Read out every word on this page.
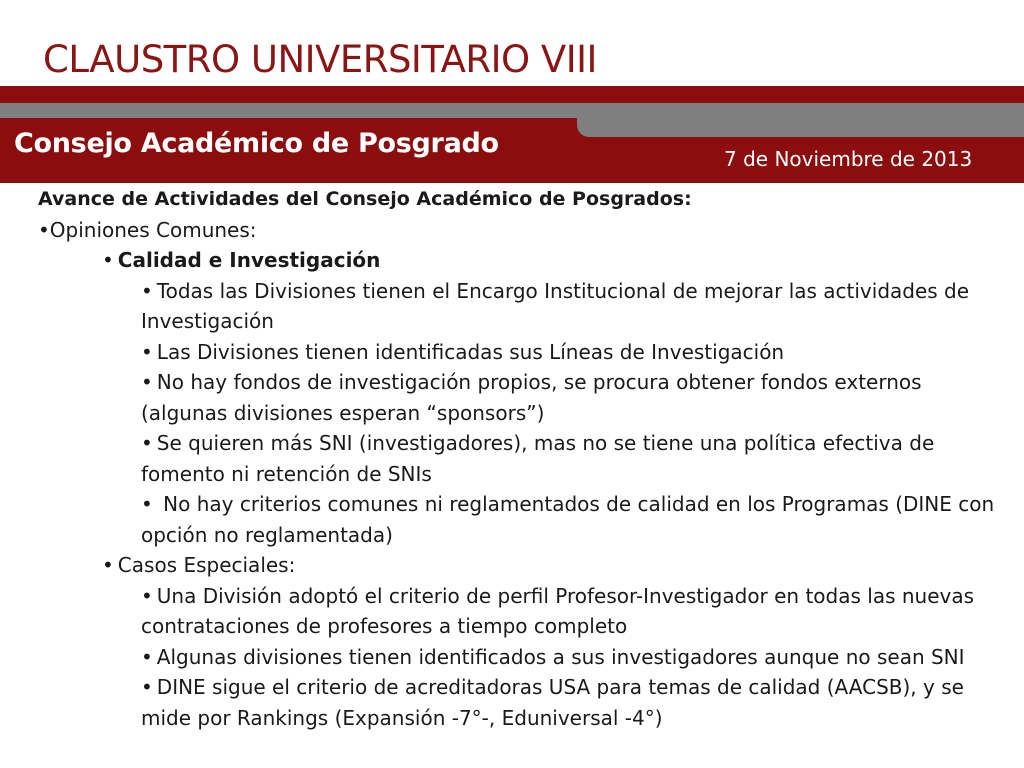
CLAUSTRO UNIVERSITARIO VIII
Consejo Académico de Posgrado	7 de Noviembre de 2013

Avance de Actividades del Consejo Académico de Posgrados:

•Opiniones Comunes:

• Calidad e Investigación

• Todas las Divisiones tienen el Encargo Institucional de mejorar las actividades de Investigación

• Las Divisiones tienen identificadas sus Líneas de Investigación

• No hay fondos de investigación propios, se procura obtener fondos externos (algunas divisiones esperan “sponsors”)

• Se quieren más SNI (investigadores), mas no se tiene una política efectiva de fomento ni retención de SNIs

• No hay criterios comunes ni reglamentados de calidad en los Programas (DINE con opción no reglamentada)

• Casos Especiales:

• Una División adoptó el criterio de perfil Profesor-Investigador en todas las nuevas contrataciones de profesores a tiempo completo

• Algunas divisiones tienen identificados a sus investigadores aunque no sean SNI

• DINE sigue el criterio de acreditadoras USA para temas de calidad (AACSB), y se mide por Rankings (Expansión -7°-, Eduniversal -4°)
